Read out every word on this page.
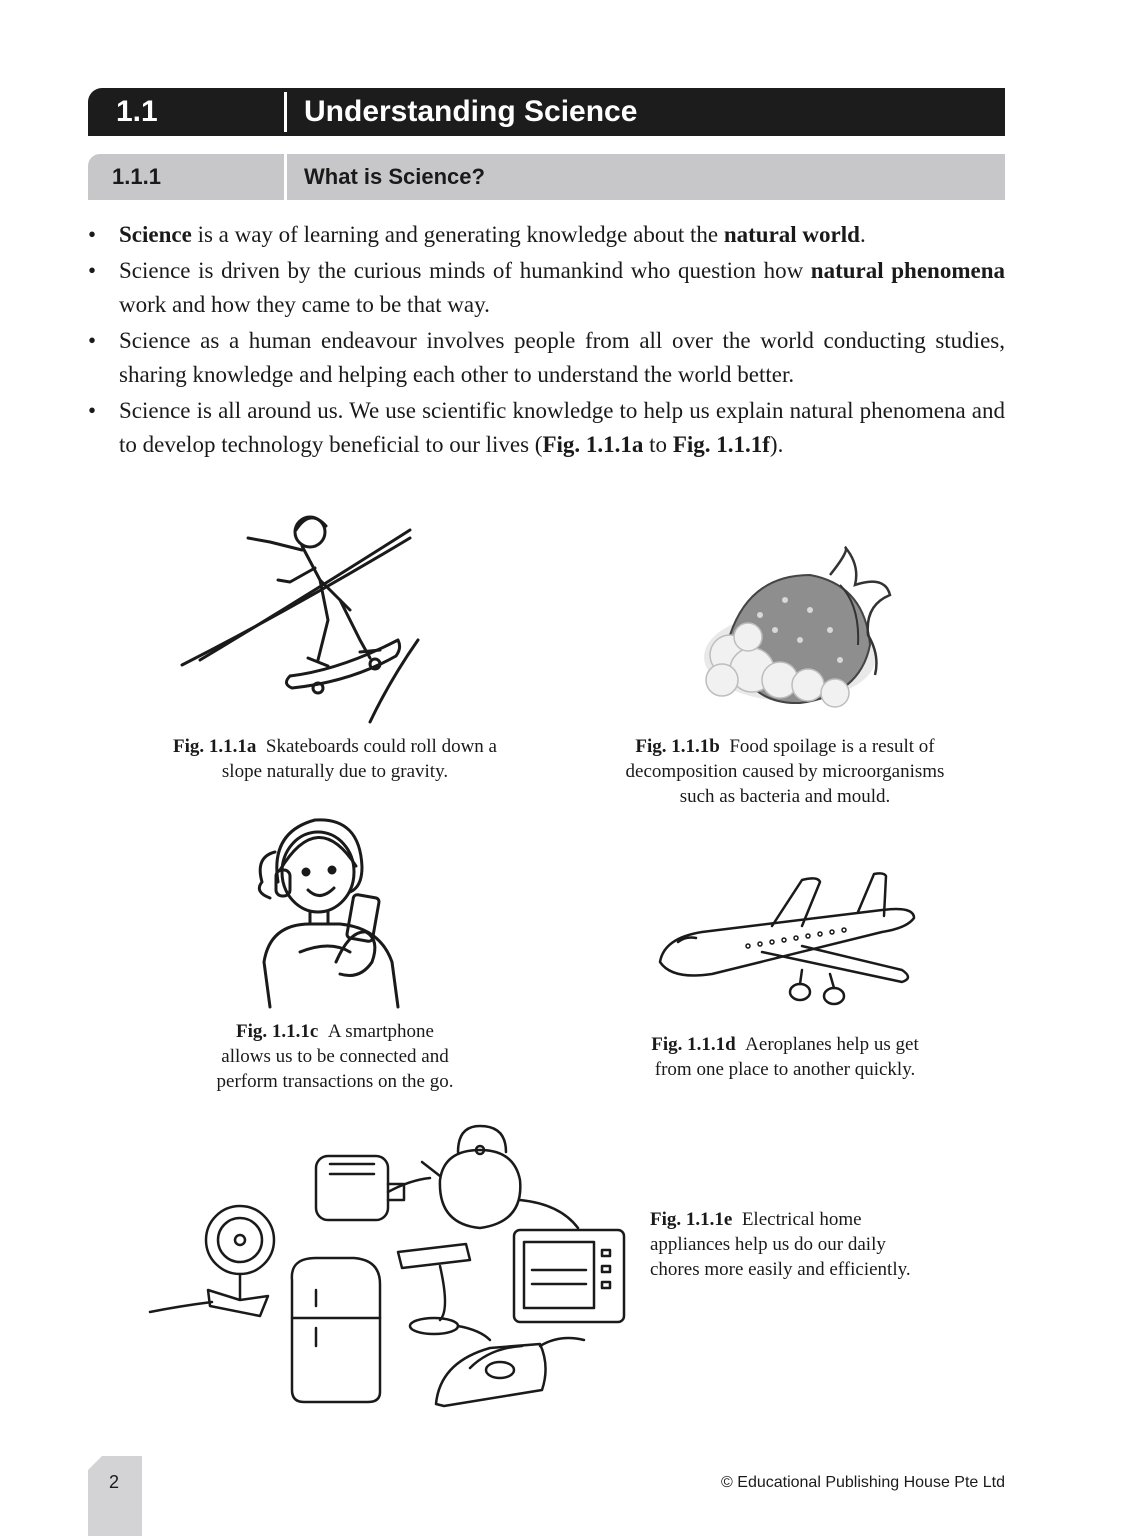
1.1	Understanding Science
1.1.1	What is Science?
• Science is a way of learning and generating knowledge about the natural world.
• Science is driven by the curious minds of humankind who question how natural phenomena work and how they came to be that way.
• Science as a human endeavour involves people from all over the world conducting studies, sharing knowledge and helping each other to understand the world better.
• Science is all around us. We use scientific knowledge to help us explain natural phenomena and to develop technology beneficial to our lives (Fig. 1.1.1a to Fig. 1.1.1f).
Fig. 1.1.1a Skateboards could roll down a
slope naturally due to gravity.
Fig. 1.1.1b Food spoilage is a result of
decomposition caused by microorganisms
such as bacteria and mould.
Fig. 1.1.1c A smartphone
allows us to be connected and
perform transactions on the go.
Fig. 1.1.1d Aeroplanes help us get
from one place to another quickly.
Fig. 1.1.1e Electrical home
appliances help us do our daily
chores more easily and efficiently.
2	© Educational Publishing House Pte Ltd
